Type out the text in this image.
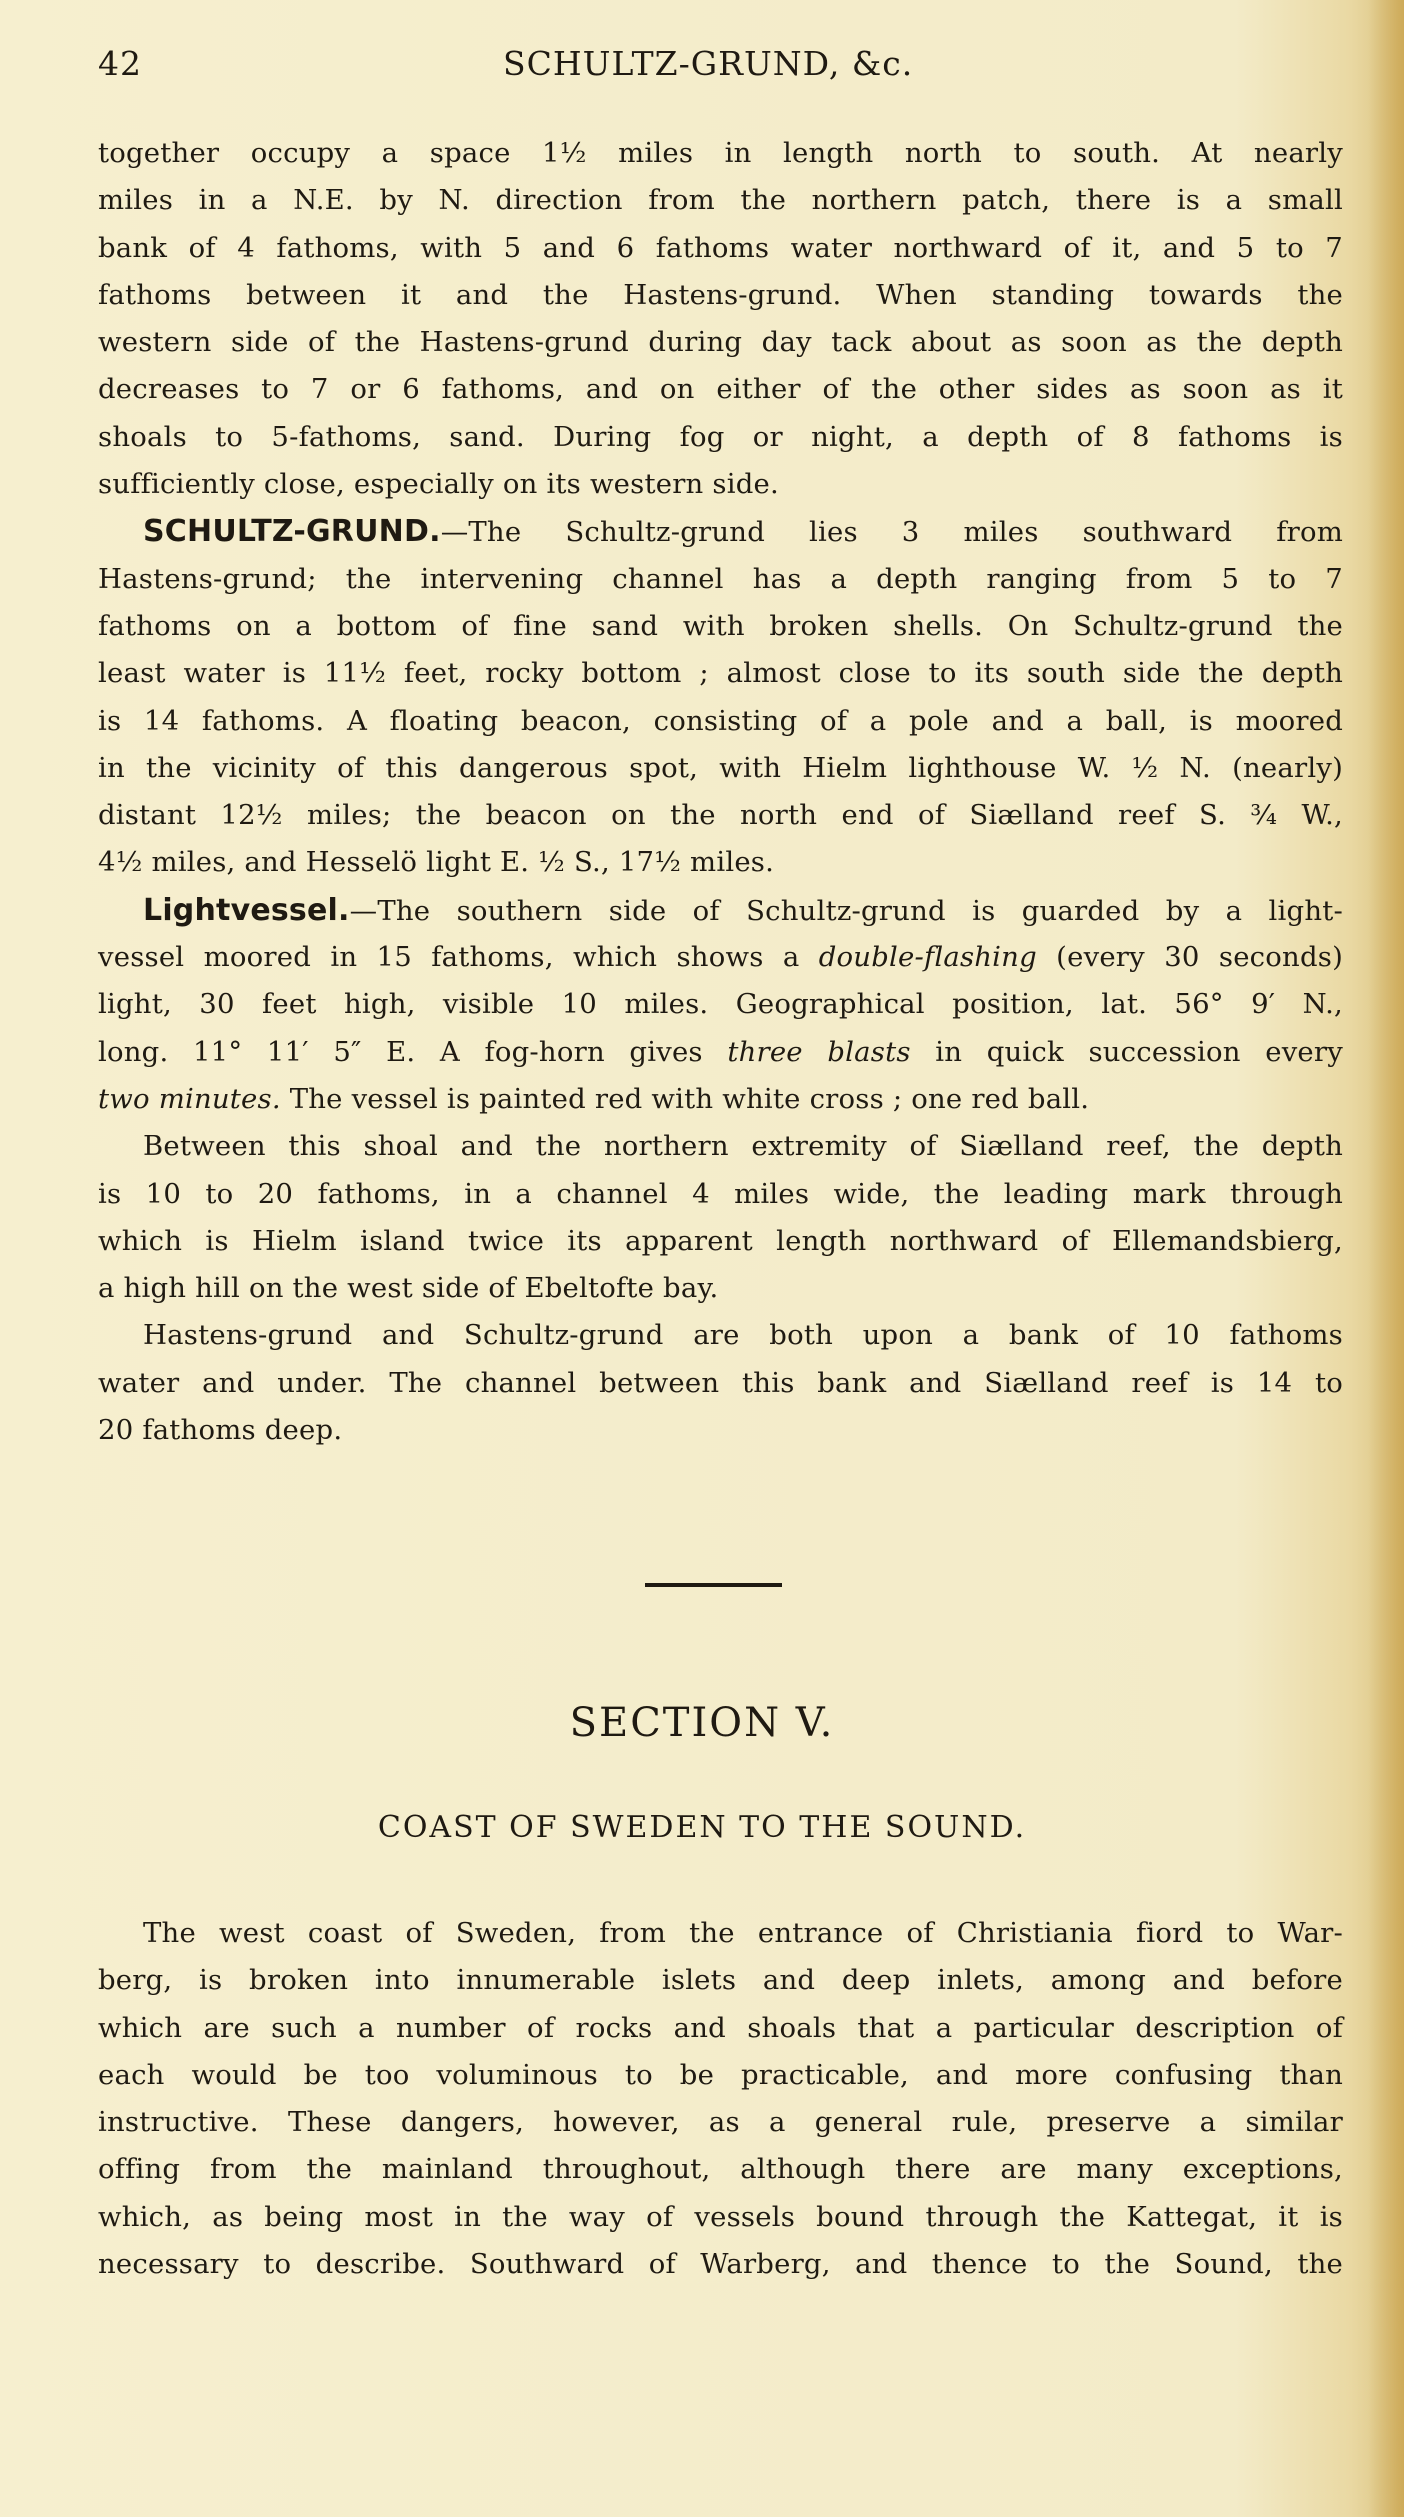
42	SCHULTZ-GRUND, &c.
together occupy a space 1½ miles in length north to south. At nearly
miles in a N.E. by N. direction from the northern patch, there is a small
bank of 4 fathoms, with 5 and 6 fathoms water northward of it, and 5 to 7
fathoms between it and the Hastens-grund. When standing towards the
western side of the Hastens-grund during day tack about as soon as the depth
decreases to 7 or 6 fathoms, and on either of the other sides as soon as it
shoals to 5-fathoms, sand. During fog or night, a depth of 8 fathoms is
sufficiently close, especially on its western side.
SCHULTZ-GRUND.—The Schultz-grund lies 3 miles southward from
Hastens-grund; the intervening channel has a depth ranging from 5 to 7
fathoms on a bottom of fine sand with broken shells. On Schultz-grund the
least water is 11½ feet, rocky bottom ; almost close to its south side the depth
is 14 fathoms. A floating beacon, consisting of a pole and a ball, is moored
in the vicinity of this dangerous spot, with Hielm lighthouse W. ½ N. (nearly)
distant 12½ miles; the beacon on the north end of Siælland reef S. ¾ W.,
4½ miles, and Hesselö light E. ½ S., 17½ miles.
Lightvessel.—The southern side of Schultz-grund is guarded by a light-
vessel moored in 15 fathoms, which shows a double-flashing (every 30 seconds)
light, 30 feet high, visible 10 miles. Geographical position, lat. 56° 9′ N.,
long. 11° 11′ 5″ E. A fog-horn gives three blasts in quick succession every
two minutes. The vessel is painted red with white cross ; one red ball.
Between this shoal and the northern extremity of Siælland reef, the depth
is 10 to 20 fathoms, in a channel 4 miles wide, the leading mark through
which is Hielm island twice its apparent length northward of Ellemandsbierg,
a high hill on the west side of Ebeltofte bay.
Hastens-grund and Schultz-grund are both upon a bank of 10 fathoms
water and under. The channel between this bank and Siælland reef is 14 to
20 fathoms deep.
SECTION V.
COAST OF SWEDEN TO THE SOUND.
The west coast of Sweden, from the entrance of Christiania fiord to War-
berg, is broken into innumerable islets and deep inlets, among and before
which are such a number of rocks and shoals that a particular description of
each would be too voluminous to be practicable, and more confusing than
instructive. These dangers, however, as a general rule, preserve a similar
offing from the mainland throughout, although there are many exceptions,
which, as being most in the way of vessels bound through the Kattegat, it is
necessary to describe. Southward of Warberg, and thence to the Sound, the
